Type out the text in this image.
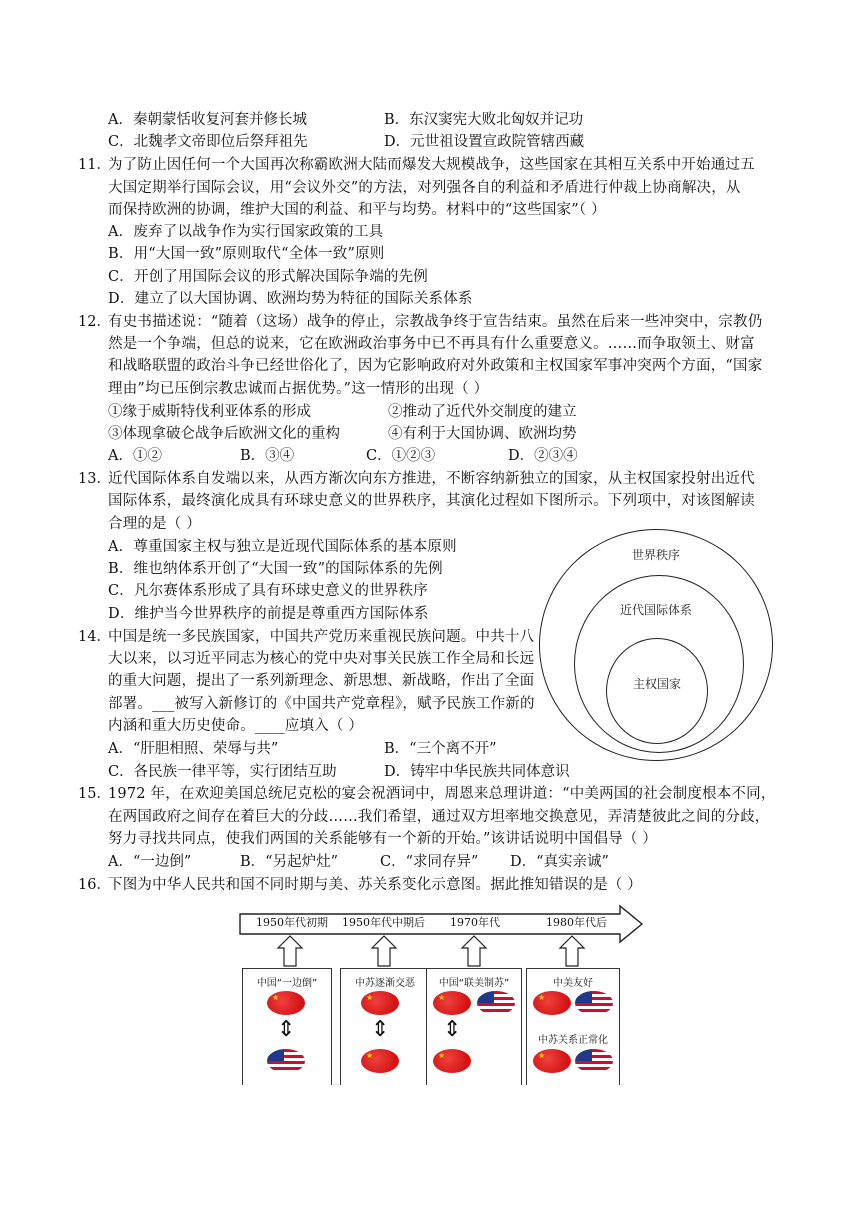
A．秦朝蒙恬收复河套并修长城	B．东汉窦宪大败北匈奴并记功
C．北魏孝文帝即位后祭拜祖先	D．元世祖设置宣政院管辖西藏
11．
为了防止因任何一个大国再次称霸欧洲大陆而爆发大规模战争，这些国家在其相互关系中开始通过五
大国定期举行国际会议，用“会议外交”的方法，对列强各自的利益和矛盾进行仲裁上协商解决，从
而保持欧洲的协调，维护大国的利益、和平与均势。材料中的“这些国家”（ ）
A．废弃了以战争作为实行国家政策的工具
B．用“大国一致”原则取代“全体一致”原则
C．开创了用国际会议的形式解决国际争端的先例
D．建立了以大国协调、欧洲均势为特征的国际关系体系
12．
有史书描述说：“随着（这场）战争的停止，宗教战争终于宣告结束。虽然在后来一些冲突中，宗教仍
然是一个争端，但总的说来，它在欧洲政治事务中已不再具有什么重要意义。……而争取领土、财富
和战略联盟的政治斗争已经世俗化了，因为它影响政府对外政策和主权国家军事冲突两个方面，“国家
理由”均已压倒宗教忠诚而占据优势。”这一情形的出现（ ）
①缘于威斯特伐利亚体系的形成	②推动了近代外交制度的建立
③体现拿破仑战争后欧洲文化的重构	④有利于大国协调、欧洲均势
A．①②	B．③④	C．①②③	D．②③④
13．
近代国际体系自发端以来，从西方渐次向东方推进，不断容纳新独立的国家，从主权国家投射出近代
国际体系，最终演化成具有环球史意义的世界秩序，其演化过程如下图所示。下列项中，对该图解读
合理的是（ ）
A．尊重国家主权与独立是近现代国际体系的基本原则
B．维也纳体系开创了“大国一致”的国际体系的先例
C．凡尔赛体系形成了具有环球史意义的世界秩序
D．维护当今世界秩序的前提是尊重西方国际体系
世界秩序
近代国际体系
主权国家
14．
中国是统一多民族国家，中国共产党历来重视民族问题。中共十八
大以来，以习近平同志为核心的党中央对事关民族工作全局和长远
的重大问题，提出了一系列新理念、新思想、新战略，作出了全面
部署。___被写入新修订的《中国共产党章程》，赋予民族工作新的
内涵和重大历史使命。____应填入（ ）
A．“肝胆相照、荣辱与共”	B．“三个离不开”
C．各民族一律平等，实行团结互助	D．铸牢中华民族共同体意识
15．
1972 年，在欢迎美国总统尼克松的宴会祝酒词中，周恩来总理讲道：“中美两国的社会制度根本不同，
在两国政府之间存在着巨大的分歧……我们希望，通过双方坦率地交换意见，弄清楚彼此之间的分歧，
努力寻找共同点，使我们两国的关系能够有一个新的开始。”该讲话说明中国倡导（ ）
A．“一边倒”	B．“另起炉灶”	C．“求同存异” D．“真实亲诚”
16．
下图为中华人民共和国不同时期与美、苏关系变化示意图。据此推知错误的是（ ）
1950年代初期 1950年代中期后 1970年代	1980年代后
中国“一边倒”
★
⇕
中苏逐渐交恶
★
⇕
★
中国“联美制苏”
★
⇕
★
中美友好
★
中苏关系正常化
★
